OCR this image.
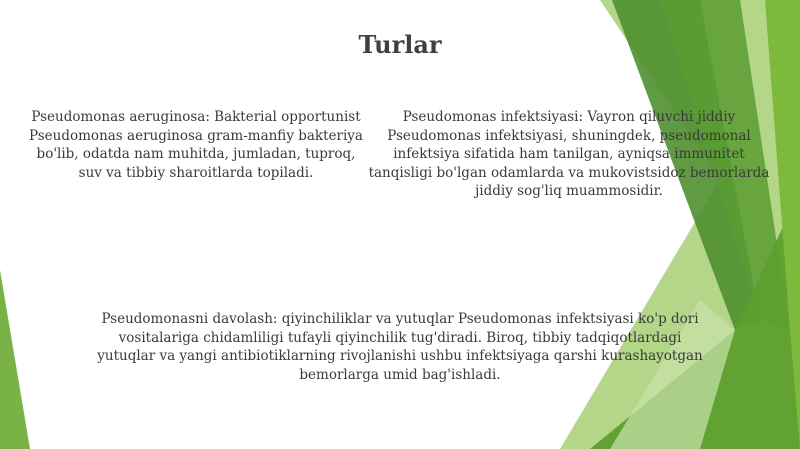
Turlar
Pseudomonas aeruginosa: Bakterial opportunist Pseudomonas aeruginosa gram-manfiy bakteriya bo'lib, odatda nam muhitda, jumladan, tuproq, suv va tibbiy sharoitlarda topiladi.
Pseudomonas infektsiyasi: Vayron qiluvchi jiddiy Pseudomonas infektsiyasi, shuningdek, pseudomonal infektsiya sifatida ham tanilgan, ayniqsa immunitet tanqisligi bo'lgan odamlarda va mukovistsidoz bemorlarda jiddiy sog'liq muammosidir.
Pseudomonasni davolash: qiyinchiliklar va yutuqlar Pseudomonas infektsiyasi ko'p dori vositalariga chidamliligi tufayli qiyinchilik tug'diradi. Biroq, tibbiy tadqiqotlardagi yutuqlar va yangi antibiotiklarning rivojlanishi ushbu infektsiyaga qarshi kurashayotgan bemorlarga umid bag'ishladi.
